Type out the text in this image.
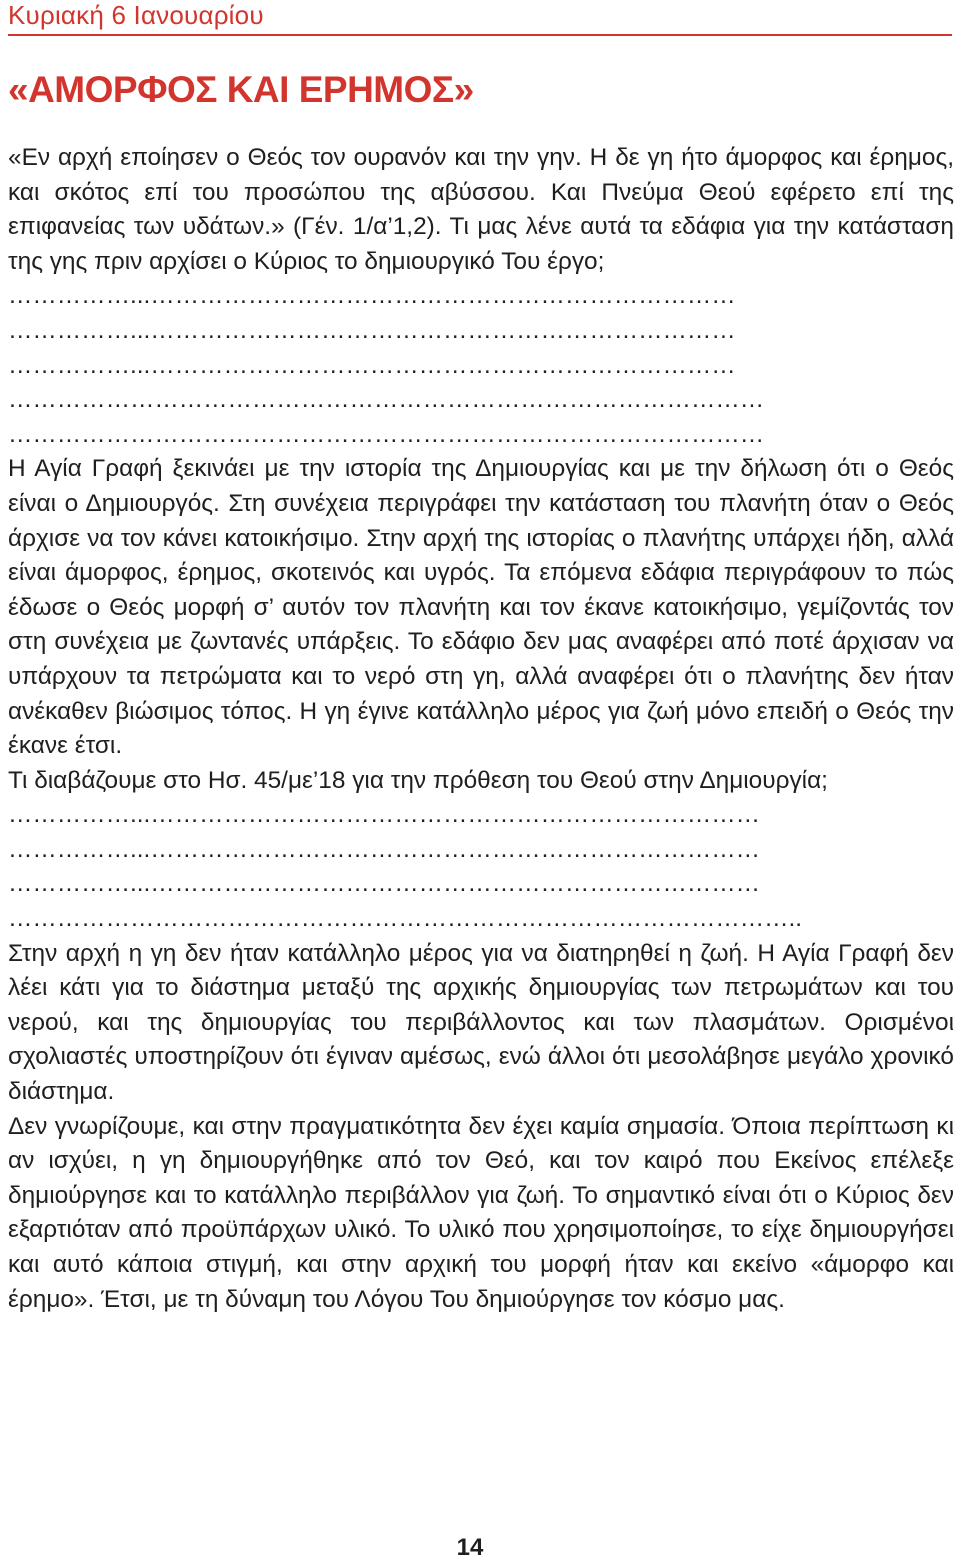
Κυριακή 6 Ιανουαρίου
«ΑΜΟΡΦΟΣ ΚΑΙ ΕΡΗΜΟΣ»

«Εν αρχή εποίησεν ο Θεός τον ουρανόν και την γην. Η δε γη ήτο άμορφος και έρημος, και σκότος επί του προσώπου της αβύσσου. Και Πνεύμα Θεού εφέρετο επί της επιφανείας των υδάτων.» (Γέν. 1/α’1,2). Τι μας λένε αυτά τα εδάφια για την κατάσταση της γης πριν αρχίσει ο Κύριος το δημιουργικό Του έργο;

……………...………………………………………………………………

……………...………………………………………………………………

……………...………………………………………………………………

…………………………………………………………………………………

…………………………………………………………………………………

Η Αγία Γραφή ξεκινάει με την ιστορία της Δημιουργίας και με την δήλωση ότι ο Θεός είναι ο Δημιουργός. Στη συνέχεια περιγράφει την κατάσταση του πλανήτη όταν ο Θεός άρχισε να τον κάνει κατοικήσιμο. Στην αρχή της ιστορίας ο πλανήτης υπάρχει ήδη, αλλά είναι άμορφος, έρημος, σκοτεινός και υγρός. Τα επόμενα εδάφια περιγράφουν το πώς έδωσε ο Θεός μορφή σ’ αυτόν τον πλανήτη και τον έκανε κατοικήσιμο, γεμίζοντάς τον στη συνέχεια με ζωντανές υπάρξεις. Το εδάφιο δεν μας αναφέρει από ποτέ άρχισαν να υπάρχουν τα πετρώματα και το νερό στη γη, αλλά αναφέρει ότι ο πλανήτης δεν ήταν ανέκαθεν βιώσιμος τόπος. Η γη έγινε κατάλληλο μέρος για ζωή μόνο επειδή ο Θεός την έκανε έτσι.

Τι διαβάζουμε στο Ησ. 45/με’18 για την πρόθεση του Θεού στην Δημιουργία;

……………...…………………………………………………………………

……………...…………………………………………………………………

……………...…………………………………………………………………

……………………………………………………………………………………..

Στην αρχή η γη δεν ήταν κατάλληλο μέρος για να διατηρηθεί η ζωή. Η Αγία Γραφή δεν λέει κάτι για το διάστημα μεταξύ της αρχικής δημιουργίας των πετρωμάτων και του νερού, και της δημιουργίας του περιβάλλοντος και των πλασμάτων. Ορισμένοι σχολιαστές υποστηρίζουν ότι έγιναν αμέσως, ενώ άλλοι ότι μεσολάβησε μεγάλο χρονικό διάστημα.

Δεν γνωρίζουμε, και στην πραγματικότητα δεν έχει καμία σημασία. Όποια περίπτωση κι αν ισχύει, η γη δημιουργήθηκε από τον Θεό, και τον καιρό που Εκείνος επέλεξε δημιούργησε και το κατάλληλο περιβάλλον για ζωή. Το σημαντικό είναι ότι ο Κύριος δεν εξαρτιόταν από προϋπάρχων υλικό. Το υλικό που χρησιμοποίησε, το είχε δημιουργήσει και αυτό κάποια στιγμή, και στην αρχική του μορφή ήταν και εκείνο «άμορφο και έρημο». Έτσι, με τη δύναμη του Λόγου Του δημιούργησε τον κόσμο μας.

14
